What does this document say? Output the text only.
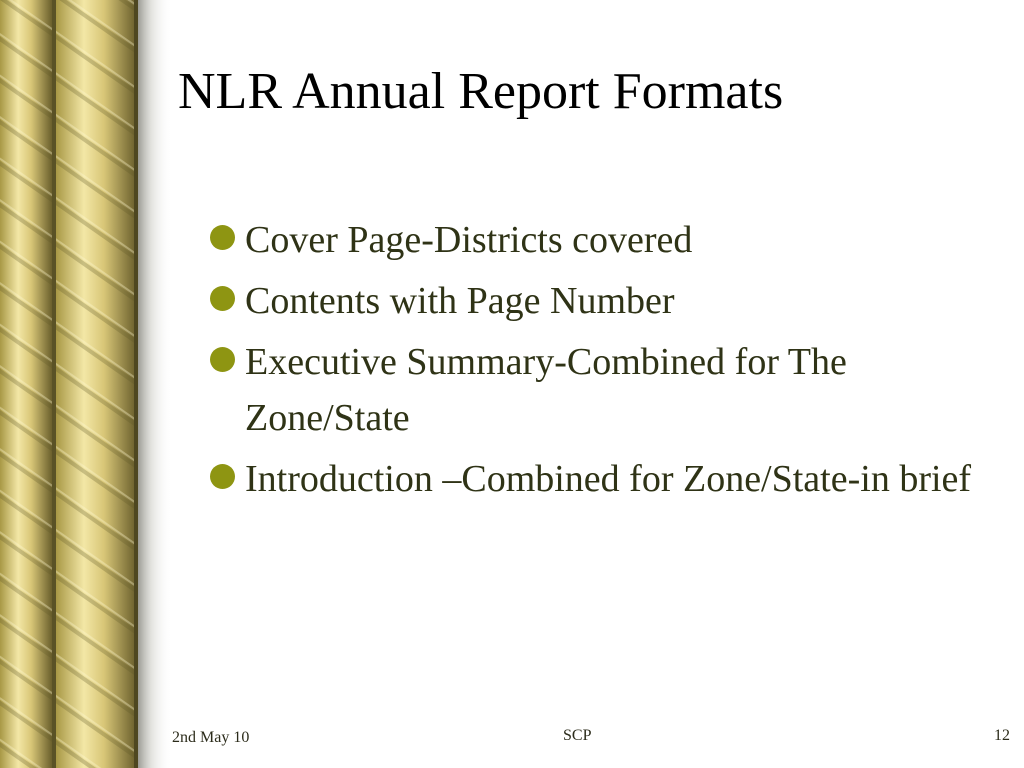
NLR Annual Report Formats
Cover Page-Districts covered
Contents with Page Number
Executive Summary-Combined for The Zone/State
Introduction –Combined for Zone/State-in brief
2nd May 10	SCP	12
